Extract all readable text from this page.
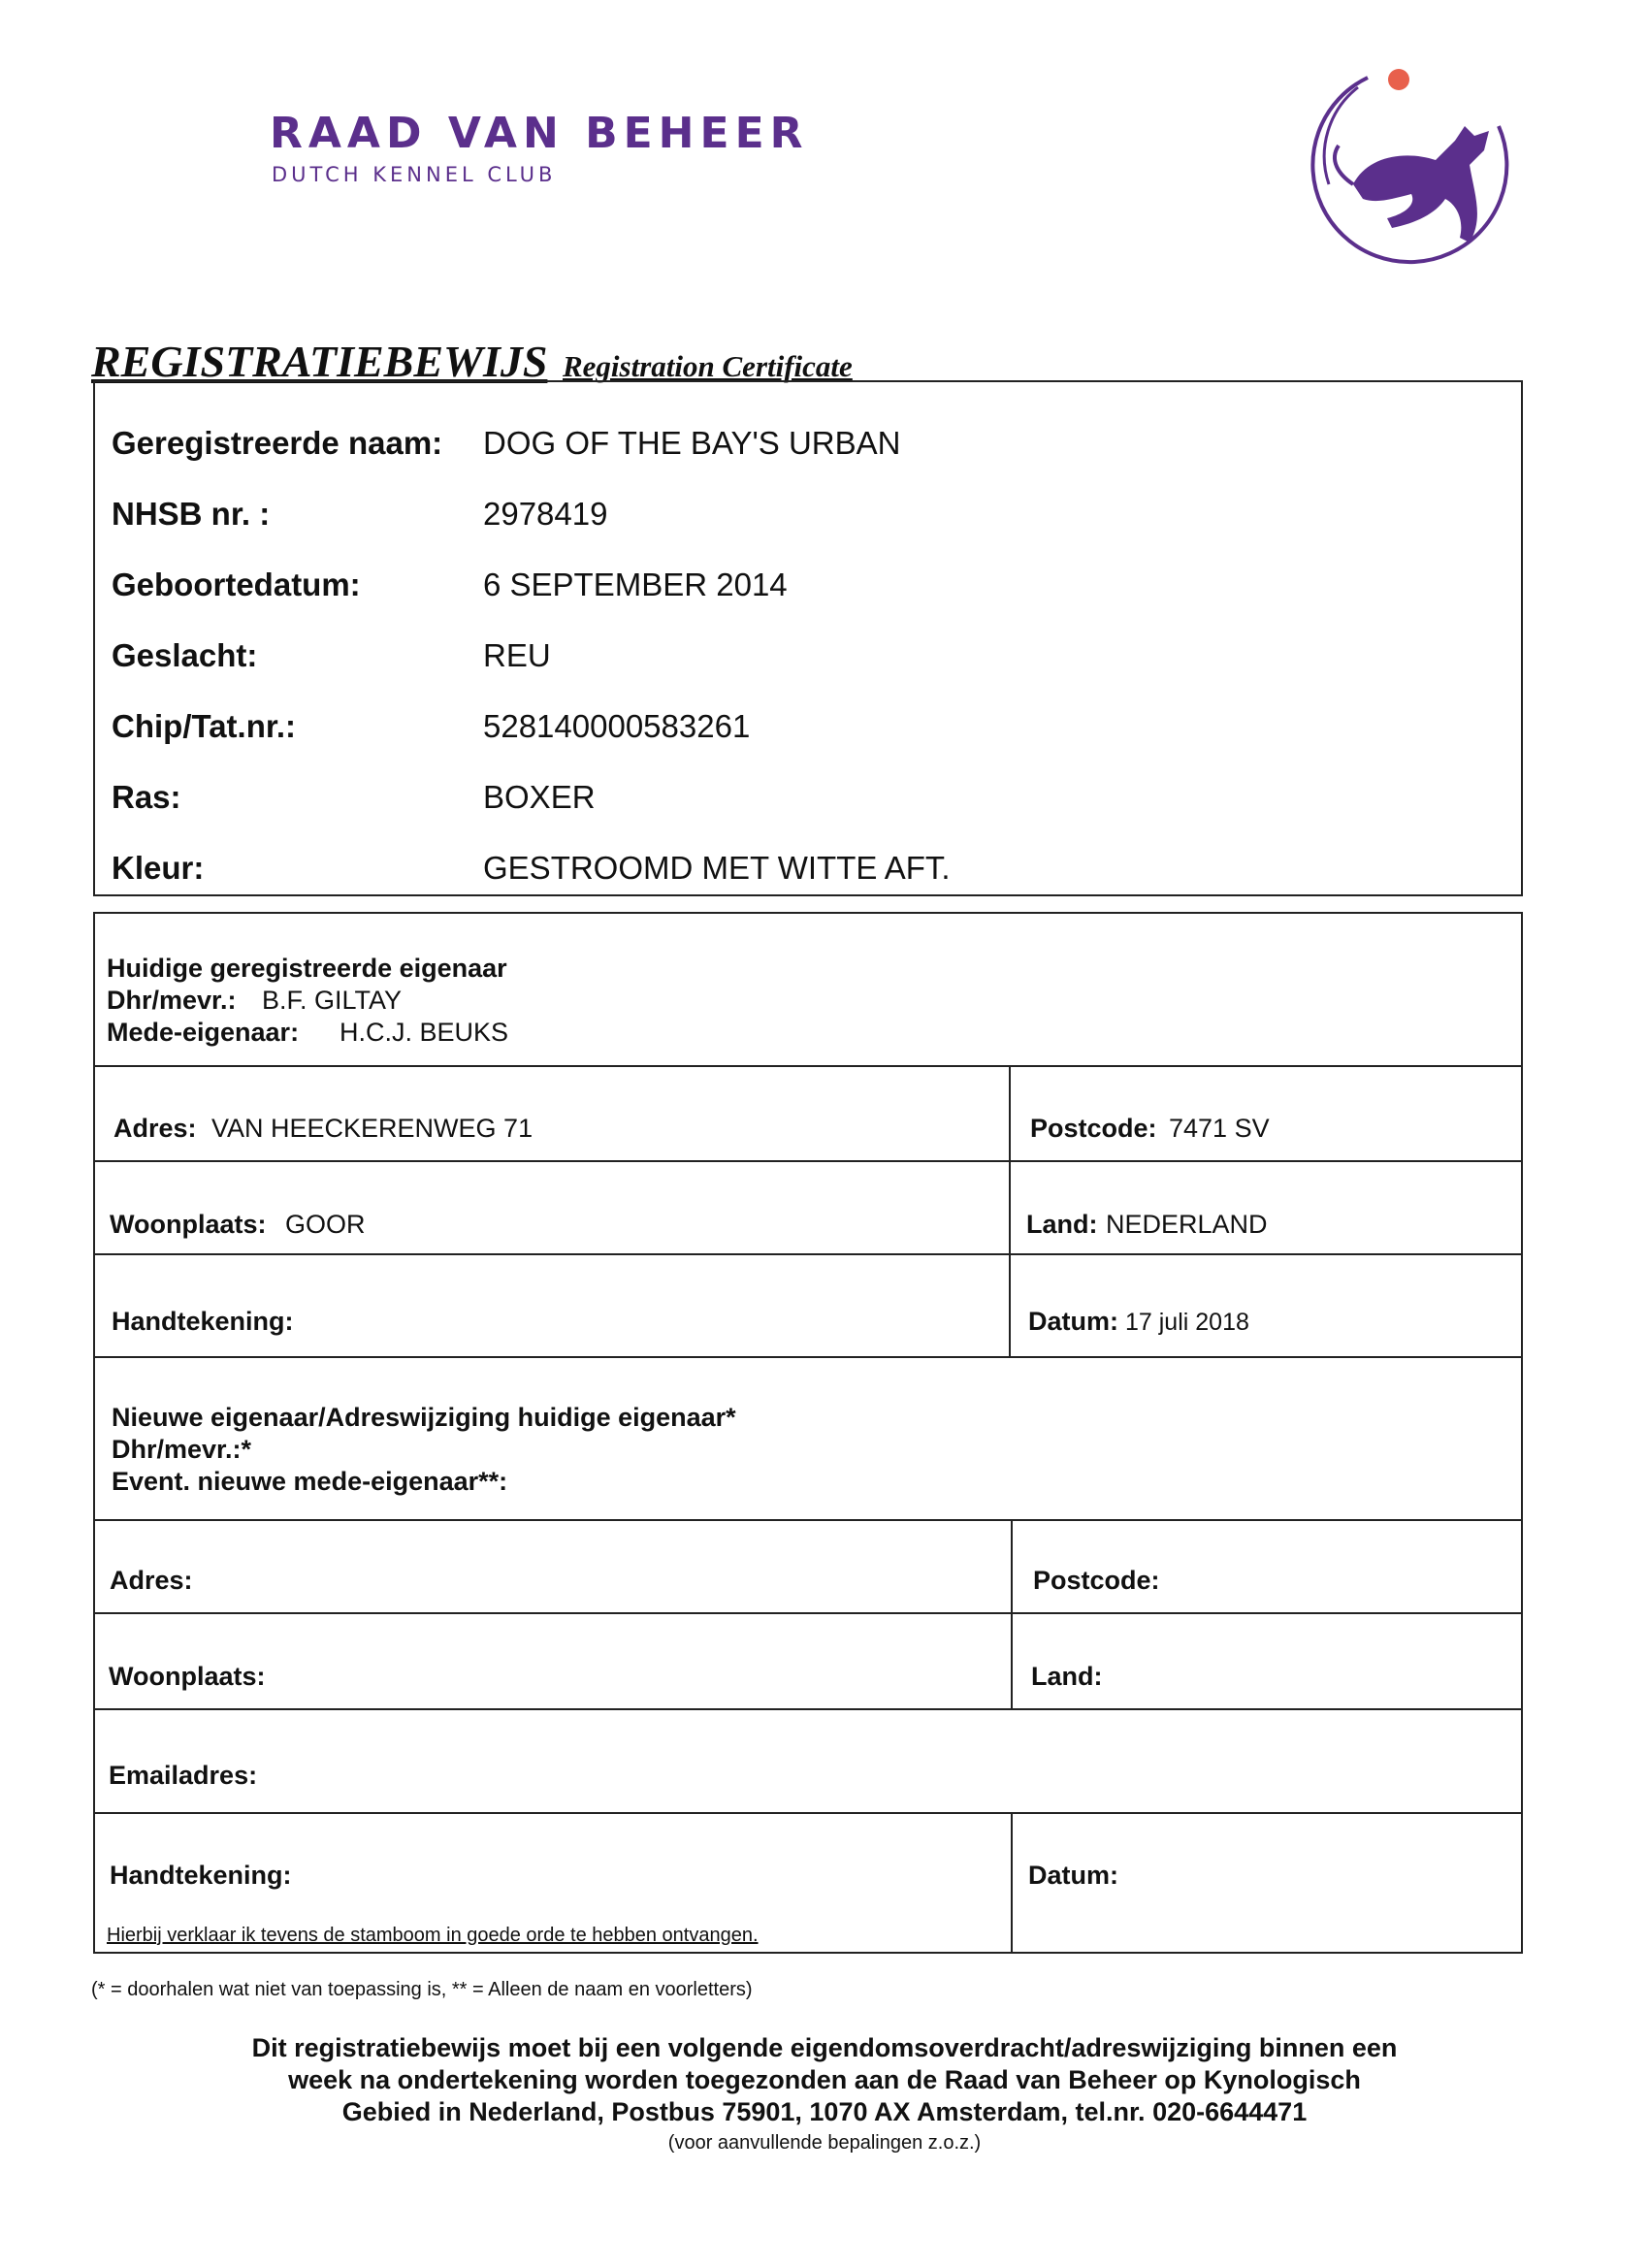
RAAD VAN BEHEER
DUTCH KENNEL CLUB
REGISTRATIEBEWIJS Registration Certificate
Geregistreerde naam: DOG OF THE BAY'S URBAN
NHSB nr. :	2978419
Geboortedatum:	6 SEPTEMBER 2014
Geslacht:	REU
Chip/Tat.nr.:	528140000583261
Ras:	BOXER
Kleur:	GESTROOMD MET WITTE AFT.
Huidige geregistreerde eigenaar
Dhr/mevr.: B.F. GILTAY
Mede-eigenaar: H.C.J. BEUKS
Adres: VAN HEECKERENWEG 71	Postcode: 7471 SV
Woonplaats: GOOR	Land: NEDERLAND
Handtekening:	Datum: 17 juli 2018
Nieuwe eigenaar/Adreswijziging huidige eigenaar*
Dhr/mevr.:*
Event. nieuwe mede-eigenaar**:
Adres:	Postcode:
Woonplaats:	Land:
Emailadres:
Handtekening:	Datum:
Hierbij verklaar ik tevens de stamboom in goede orde te hebben ontvangen.
(* = doorhalen wat niet van toepassing is, ** = Alleen de naam en voorletters)
Dit registratiebewijs moet bij een volgende eigendomsoverdracht/adreswijziging binnen een
week na ondertekening worden toegezonden aan de Raad van Beheer op Kynologisch
Gebied in Nederland, Postbus 75901, 1070 AX Amsterdam, tel.nr. 020-6644471
(voor aanvullende bepalingen z.o.z.)
